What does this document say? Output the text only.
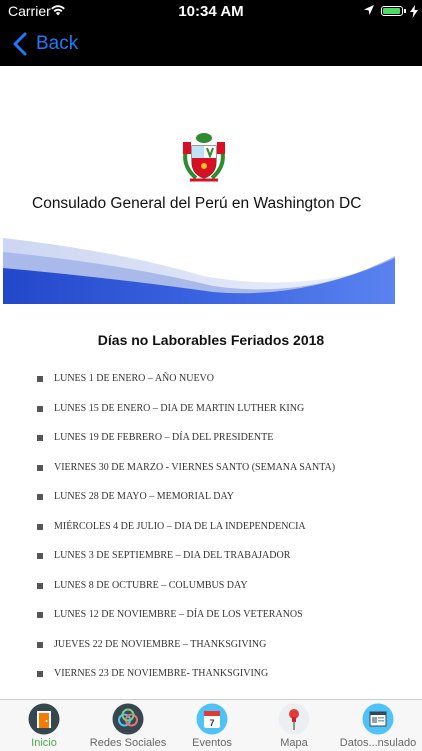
Carrier	10:34 AM
Back
Consulado General del Perú en Washington DC
Días no Laborables Feriados 2018
LUNES 1 DE ENERO – AÑO NUEVO
LUNES 15 DE ENERO – DIA DE MARTIN LUTHER KING
LUNES 19 DE FEBRERO – DÍA DEL PRESIDENTE
VIERNES 30 DE MARZO - VIERNES SANTO (SEMANA SANTA)
LUNES 28 DE MAYO – MEMORIAL DAY
MIÉRCOLES 4 DE JULIO – DIA DE LA INDEPENDENCIA
LUNES 3 DE SEPTIEMBRE – DIA DEL TRABAJADOR
LUNES 8 DE OCTUBRE – COLUMBUS DAY
LUNES 12 DE NOVIEMBRE – DÍA DE LOS VETERANOS
JUEVES 22 DE NOVIEMBRE – THANKSGIVING
VIERNES 23 DE NOVIEMBRE- THANKSGIVING
Inicio	Redes Sociales
7
Eventos	Mapa	Datos...nsulado
